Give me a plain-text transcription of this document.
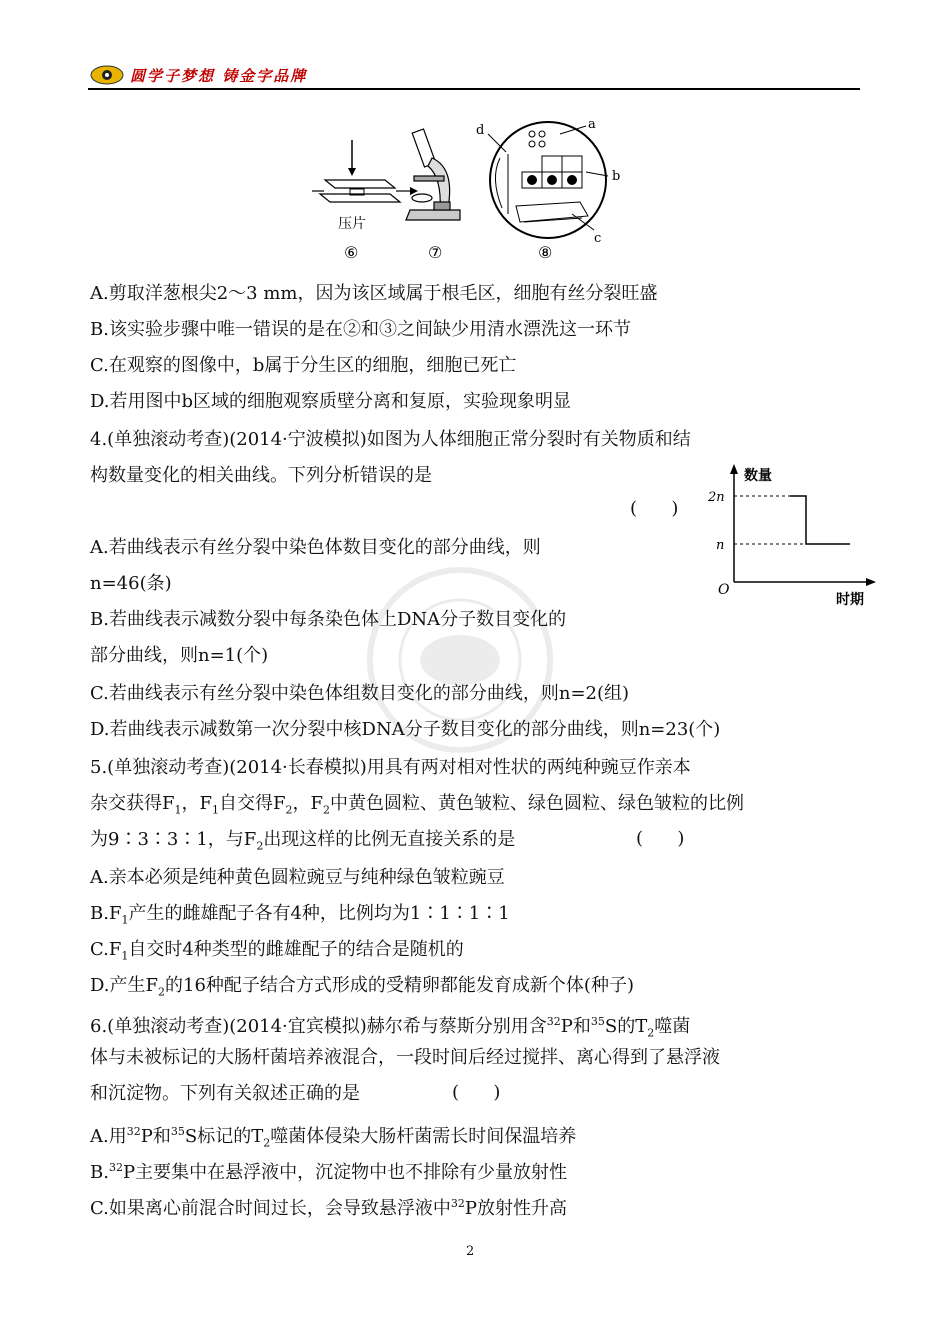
圆学子梦想 铸金字品牌
压片
⑥	⑦
a
b
c
d
⑧
A.剪取洋葱根尖2～3 mm，因为该区域属于根毛区，细胞有丝分裂旺盛
B.该实验步骤中唯一错误的是在②和③之间缺少用清水漂洗这一环节
C.在观察的图像中，b属于分生区的细胞，细胞已死亡
D.若用图中b区域的细胞观察质壁分离和复原，实验现象明显
4.(单独滚动考查)(2014·宁波模拟)如图为人体细胞正常分裂时有关物质和结
构数量变化的相关曲线。下列分析错误的是
(      )
A.若曲线表示有丝分裂中染色体数目变化的部分曲线，则
n=46(条)
B.若曲线表示减数分裂中每条染色体上DNA分子数目变化的
部分曲线，则n=1(个)
C.若曲线表示有丝分裂中染色体组数目变化的部分曲线，则n=2(组)
D.若曲线表示减数第一次分裂中核DNA分子数目变化的部分曲线，则n=23(个)
数量
时期
O
2n
n
5.(单独滚动考查)(2014·长春模拟)用具有两对相对性状的两纯种豌豆作亲本
杂交获得$F_1$，$F_1$自交得$F_2$，$F_2$中黄色圆粒、黄色皱粒、绿色圆粒、绿色皱粒的比例
为9∶3∶3∶1，与$F_2$出现这样的比例无直接关系的是	(      )
A.亲本必须是纯种黄色圆粒豌豆与纯种绿色皱粒豌豆
$B.F_1$产生的雌雄配子各有4种，比例均为1∶1∶1∶1
$C.F_1$自交时4种类型的雌雄配子的结合是随机的
D.产生$F_2$的16种配子结合方式形成的受精卵都能发育成新个体(种子)
6.(单独滚动考查)(2014·宜宾模拟)赫尔希与蔡斯分别用含$^{32}$P和$^{35}$S的$T_2$噬菌
体与未被标记的大肠杆菌培养液混合，一段时间后经过搅拌、离心得到了悬浮液
和沉淀物。下列有关叙述正确的是	(      )
A.用$^{32}$P和$^{35}$S标记的$T_2$噬菌体侵染大肠杆菌需长时间保温培养
B.$^{32}$P主要集中在悬浮液中，沉淀物中也不排除有少量放射性
C.如果离心前混合时间过长，会导致悬浮液中$^{32}$P放射性升高
2
